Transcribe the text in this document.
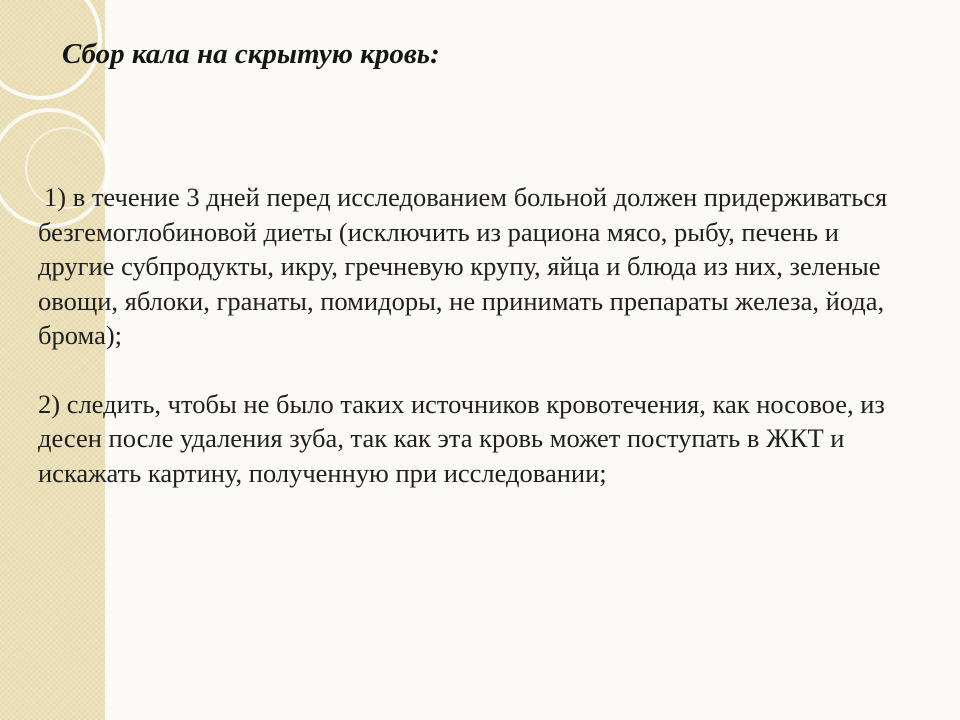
Сбор кала на скрытую кровь:

1) в течение 3 дней перед исследованием больной должен придерживаться безгемоглобиновой диеты (исключить из рациона мясо, рыбу, печень и другие субпродукты, икру, гречневую крупу, яйца и блюда из них, зеленые овощи, яблоки, гранаты, помидоры, не принимать препараты железа, йода, брома);

2) следить, чтобы не было таких источников кровотечения, как носовое, из десен после удаления зуба, так как эта кровь может поступать в ЖКТ и искажать картину, полученную при исследовании;
